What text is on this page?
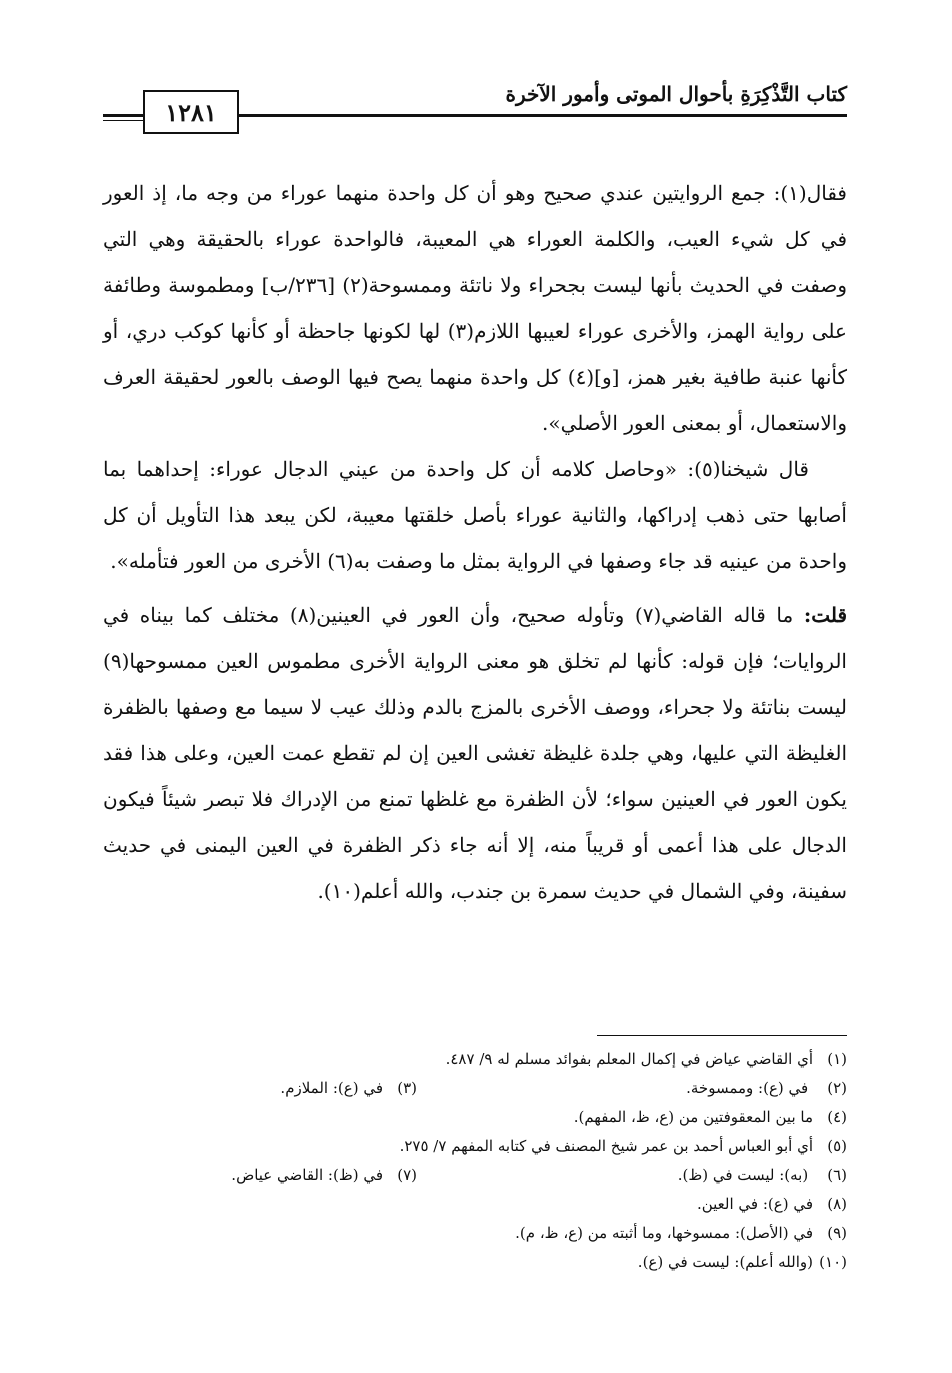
كتاب التَّذْكِرَةِ بأحوال الموتى وأمور الآخرة
١٢٨١

فقال(١): جمع الروايتين عندي صحيح وهو أن كل واحدة منهما عوراء من وجه ما، إذ العور في كل شيء العيب، والكلمة العوراء هي المعيبة، فالواحدة عوراء بالحقيقة وهي التي وصفت في الحديث بأنها ليست بجحراء ولا ناتئة وممسوحة(٢) [٢٣٦/ب] ومطموسة وطائفة على رواية الهمز، والأخرى عوراء لعيبها اللازم(٣) لها لكونها جاحظة أو كأنها كوكب دري، أو كأنها عنبة طافية بغير همز، [و](٤) كل واحدة منهما يصح فيها الوصف بالعور لحقيقة العرف والاستعمال، أو بمعنى العور الأصلي».

قال شيخنا(٥): «وحاصل كلامه أن كل واحدة من عيني الدجال عوراء: إحداهما بما أصابها حتى ذهب إدراكها، والثانية عوراء بأصل خلقتها معيبة، لكن يبعد هذا التأويل أن كل واحدة من عينيه قد جاء وصفها في الرواية بمثل ما وصفت به(٦) الأخرى من العور فتأمله».

قلت: ما قاله القاضي(٧) وتأوله صحيح، وأن العور في العينين(٨) مختلف كما بيناه في الروايات؛ فإن قوله: كأنها لم تخلق هو معنى الرواية الأخرى مطموس العين ممسوحها(٩) ليست بناتئة ولا جحراء، ووصف الأخرى بالمزج بالدم وذلك عيب لا سيما مع وصفها بالظفرة الغليظة التي عليها، وهي جلدة غليظة تغشى العين إن لم تقطع عمت العين، وعلى هذا فقد يكون العور في العينين سواء؛ لأن الظفرة مع غلظها تمنع من الإدراك فلا تبصر شيئاً فيكون الدجال على هذا أعمى أو قريباً منه، إلا أنه جاء ذكر الظفرة في العين اليمنى في حديث سفينة، وفي الشمال في حديث سمرة بن جندب، والله أعلم(١٠).

(١)
أي القاضي عياض في إكمال المعلم بفوائد مسلم له ٩/ ٤٨٧.
(٢) في (ع): وممسوخة.
(٣)
في (ع): الملازم.
(٤)
ما بين المعقوفتين من (ع، ظ، المفهم).
(٥)
أي أبو العباس أحمد بن عمر شيخ المصنف في كتابه المفهم ٧/ ٢٧٥.
(٦) (به): ليست في (ظ).
(٧)
في (ظ): القاضي عياض.
(٨)
في (ع): في العين.
(٩)
في (الأصل): ممسوخها، وما أثبته من (ع، ظ، م).
(١٠)
(والله أعلم): ليست في (ع).
